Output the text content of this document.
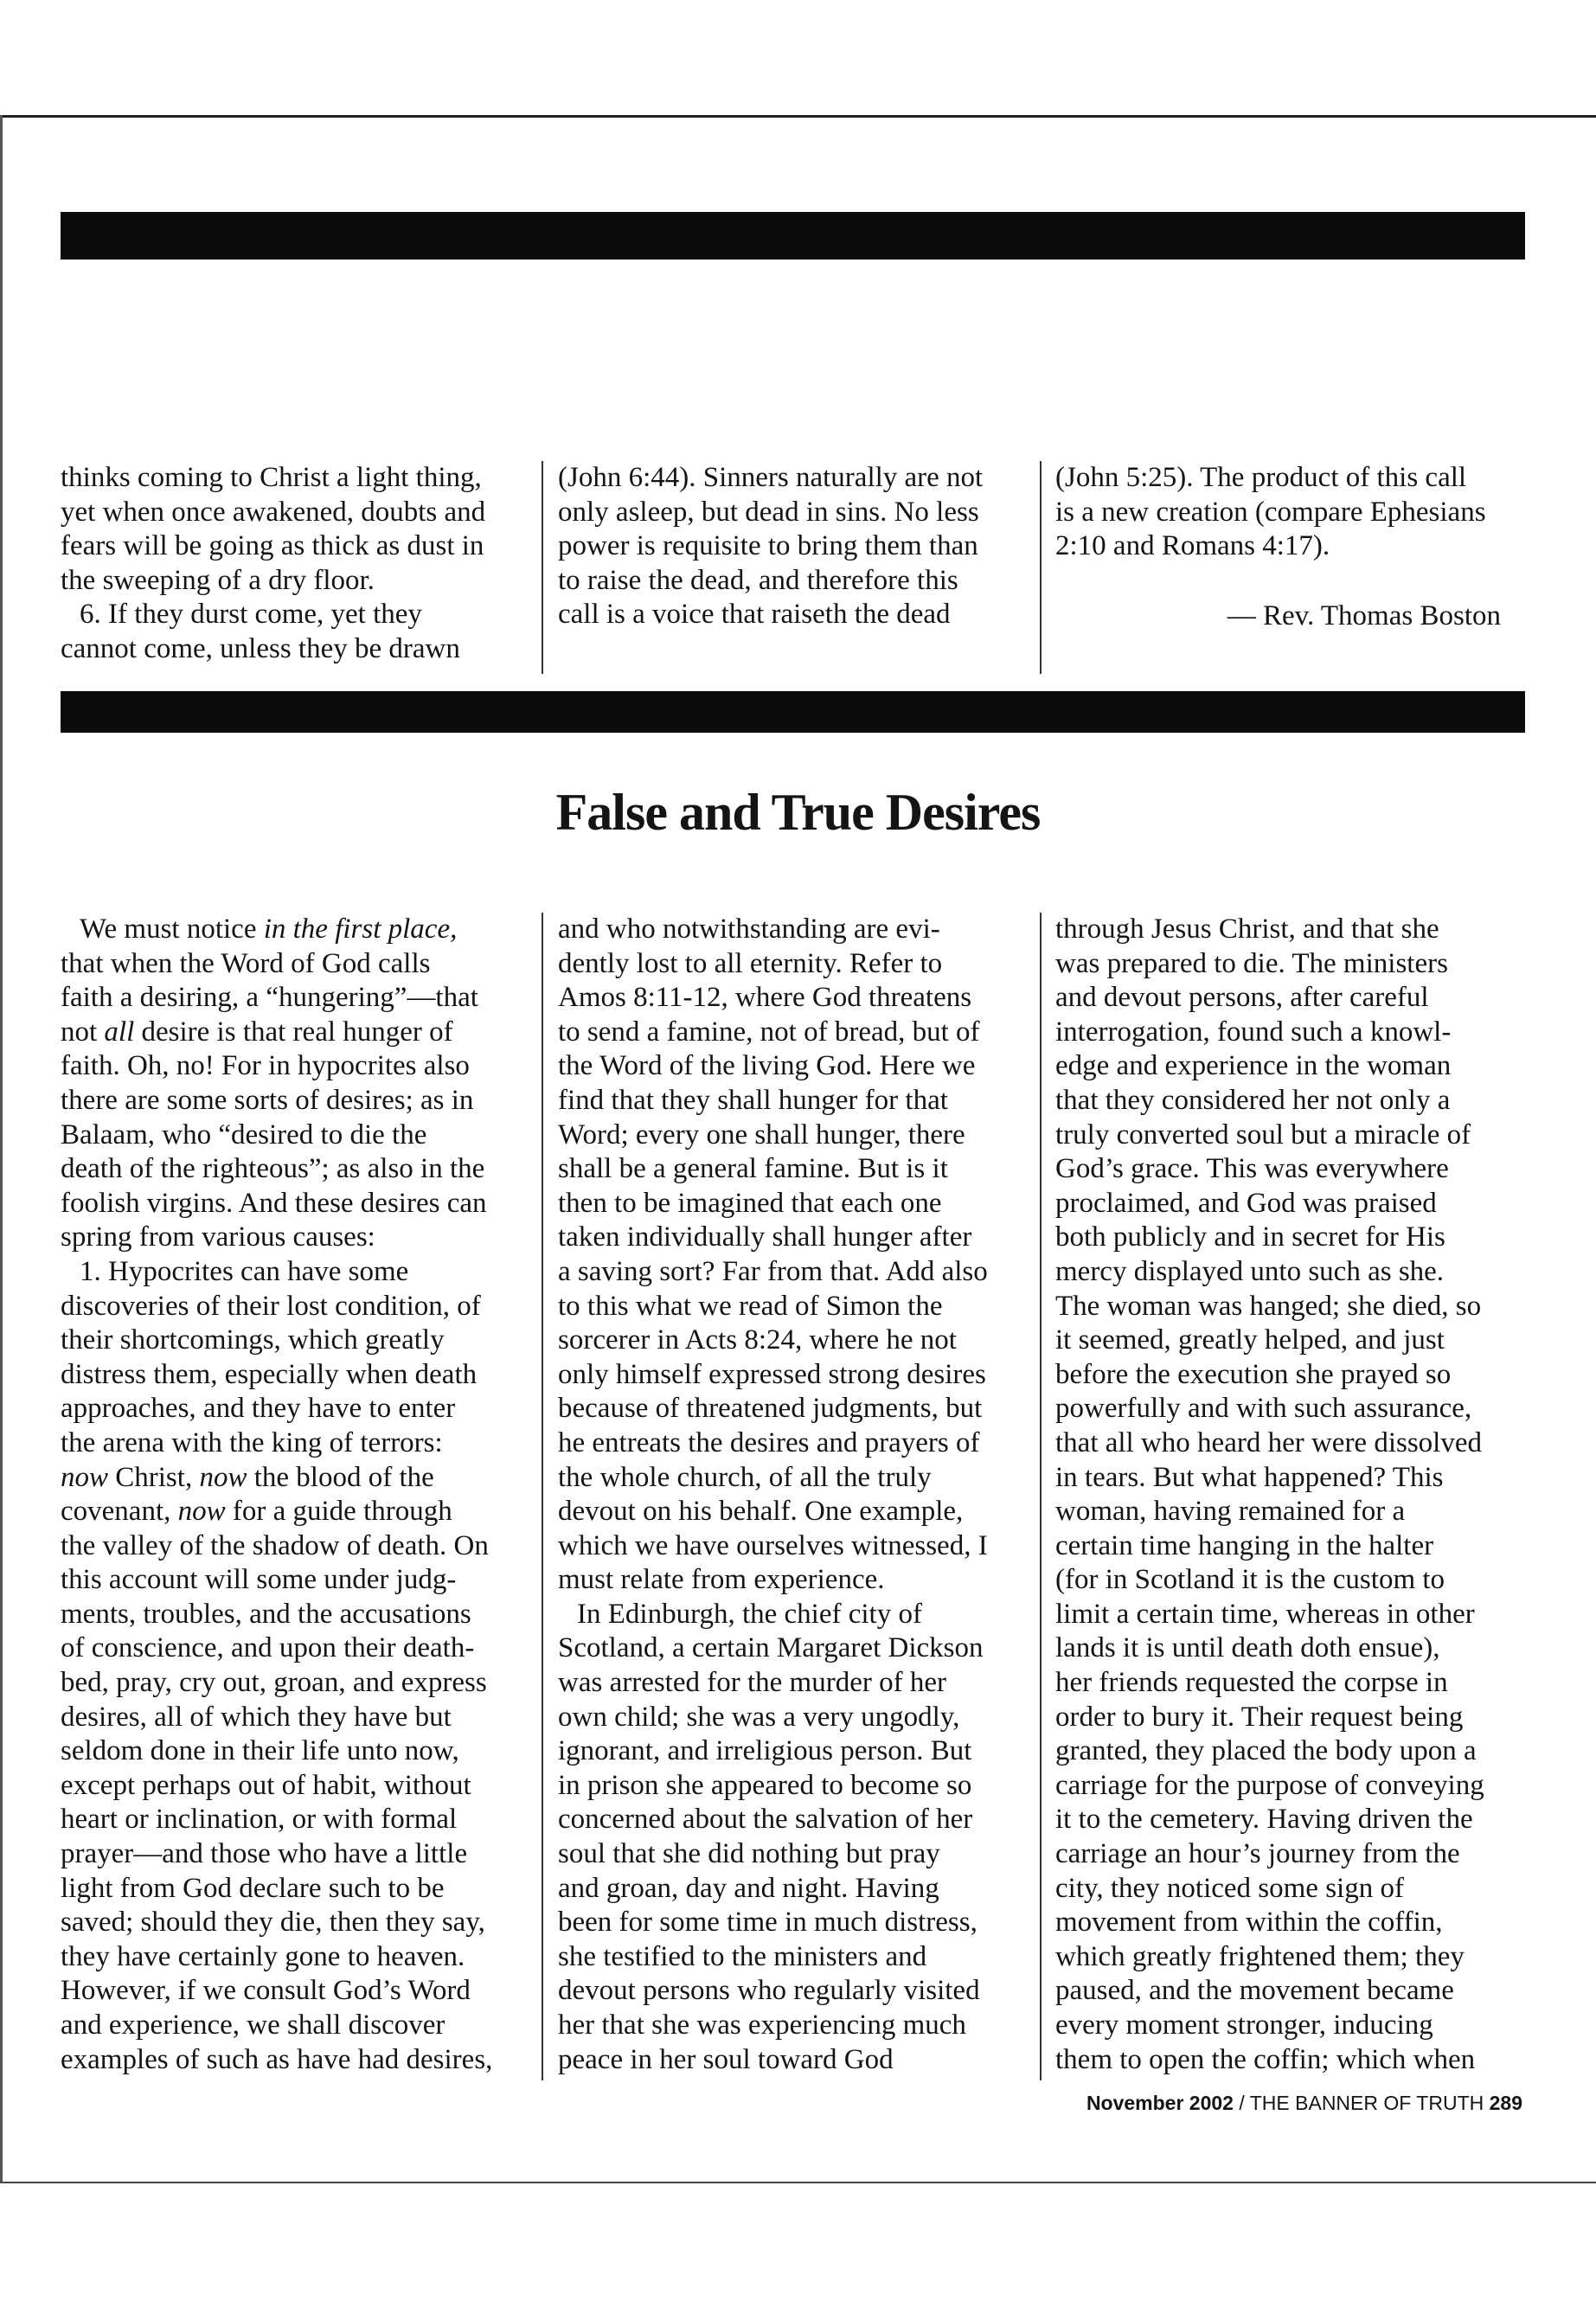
thinks coming to Christ a light thing,

yet when once awakened, doubts and

fears will be going as thick as dust in

the sweeping of a dry floor.

6. If they durst come, yet they

cannot come, unless they be drawn

(John 6:44). Sinners naturally are not

only asleep, but dead in sins. No less

power is requisite to bring them than

to raise the dead, and therefore this

call is a voice that raiseth the dead

(John 5:25). The product of this call

is a new creation (compare Ephesians

2:10 and Romans 4:17).

— Rev. Thomas Boston
False and True Desires

We must notice in the first place,

that when the Word of God calls

faith a desiring, a “hungering”—that

not all desire is that real hunger of

faith. Oh, no! For in hypocrites also

there are some sorts of desires; as in

Balaam, who “desired to die the

death of the righteous”; as also in the

foolish virgins. And these desires can

spring from various causes:

1. Hypocrites can have some

discoveries of their lost condition, of

their shortcomings, which greatly

distress them, especially when death

approaches, and they have to enter

the arena with the king of terrors:

now Christ, now the blood of the

covenant, now for a guide through

the valley of the shadow of death. On

this account will some under judg-

ments, troubles, and the accusations

of conscience, and upon their death-

bed, pray, cry out, groan, and express

desires, all of which they have but

seldom done in their life unto now,

except perhaps out of habit, without

heart or inclination, or with formal

prayer—and those who have a little

light from God declare such to be

saved; should they die, then they say,

they have certainly gone to heaven.

However, if we consult God’s Word

and experience, we shall discover

examples of such as have had desires,

and who notwithstanding are evi-

dently lost to all eternity. Refer to

Amos 8:11-12, where God threatens

to send a famine, not of bread, but of

the Word of the living God. Here we

find that they shall hunger for that

Word; every one shall hunger, there

shall be a general famine. But is it

then to be imagined that each one

taken individually shall hunger after

a saving sort? Far from that. Add also

to this what we read of Simon the

sorcerer in Acts 8:24, where he not

only himself expressed strong desires

because of threatened judgments, but

he entreats the desires and prayers of

the whole church, of all the truly

devout on his behalf. One example,

which we have ourselves witnessed, I

must relate from experience.

In Edinburgh, the chief city of

Scotland, a certain Margaret Dickson

was arrested for the murder of her

own child; she was a very ungodly,

ignorant, and irreligious person. But

in prison she appeared to become so

concerned about the salvation of her

soul that she did nothing but pray

and groan, day and night. Having

been for some time in much distress,

she testified to the ministers and

devout persons who regularly visited

her that she was experiencing much

peace in her soul toward God

through Jesus Christ, and that she

was prepared to die. The ministers

and devout persons, after careful

interrogation, found such a knowl-

edge and experience in the woman

that they considered her not only a

truly converted soul but a miracle of

God’s grace. This was everywhere

proclaimed, and God was praised

both publicly and in secret for His

mercy displayed unto such as she.

The woman was hanged; she died, so

it seemed, greatly helped, and just

before the execution she prayed so

powerfully and with such assurance,

that all who heard her were dissolved

in tears. But what happened? This

woman, having remained for a

certain time hanging in the halter

(for in Scotland it is the custom to

limit a certain time, whereas in other

lands it is until death doth ensue),

her friends requested the corpse in

order to bury it. Their request being

granted, they placed the body upon a

carriage for the purpose of conveying

it to the cemetery. Having driven the

carriage an hour’s journey from the

city, they noticed some sign of

movement from within the coffin,

which greatly frightened them; they

paused, and the movement became

every moment stronger, inducing

them to open the coffin; which when

November 2002 / THE BANNER OF TRUTH 289
